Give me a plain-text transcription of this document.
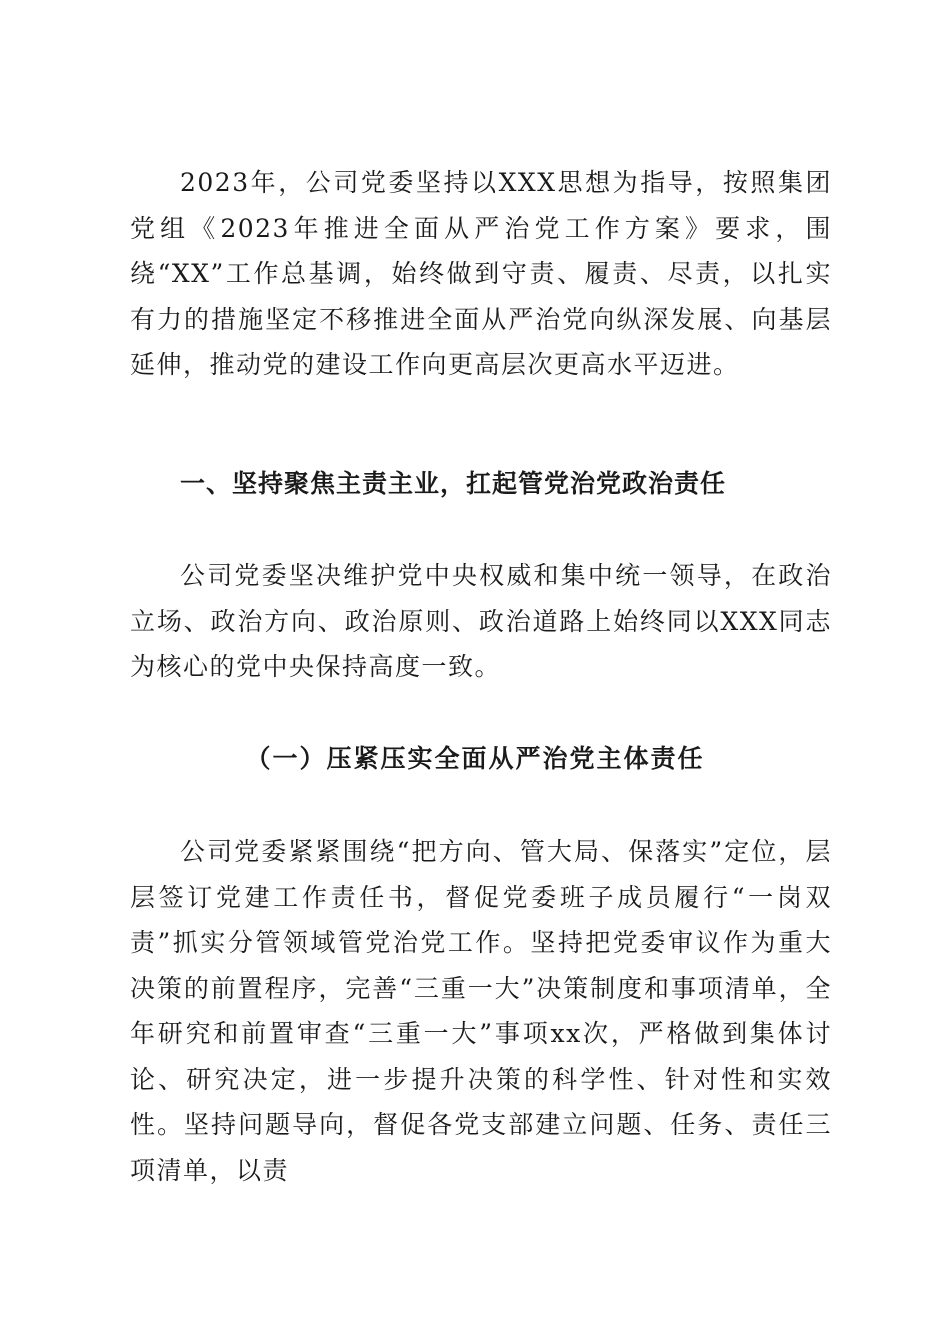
2023年，公司党委坚持以XXX思想为指导，按照集团党组《2023年推进全面从严治党工作方案》要求，围绕“XX”工作总基调，始终做到守责、履责、尽责，以扎实有力的措施坚定不移推进全面从严治党向纵深发展、向基层延伸，推动党的建设工作向更高层次更高水平迈进。

一、坚持聚焦主责主业，扛起管党治党政治责任

公司党委坚决维护党中央权威和集中统一领导，在政治立场、政治方向、政治原则、政治道路上始终同以XXX同志为核心的党中央保持高度一致。

（一）压紧压实全面从严治党主体责任

公司党委紧紧围绕“把方向、管大局、保落实”定位，层层签订党建工作责任书，督促党委班子成员履行“一岗双责”抓实分管领域管党治党工作。坚持把党委审议作为重大决策的前置程序，完善“三重一大”决策制度和事项清单，全年研究和前置审查“三重一大”事项xx次，严格做到集体讨论、研究决定，进一步提升决策的科学性、针对性和实效性。坚持问题导向，督促各党支部建立问题、任务、责任三项清单，以责
